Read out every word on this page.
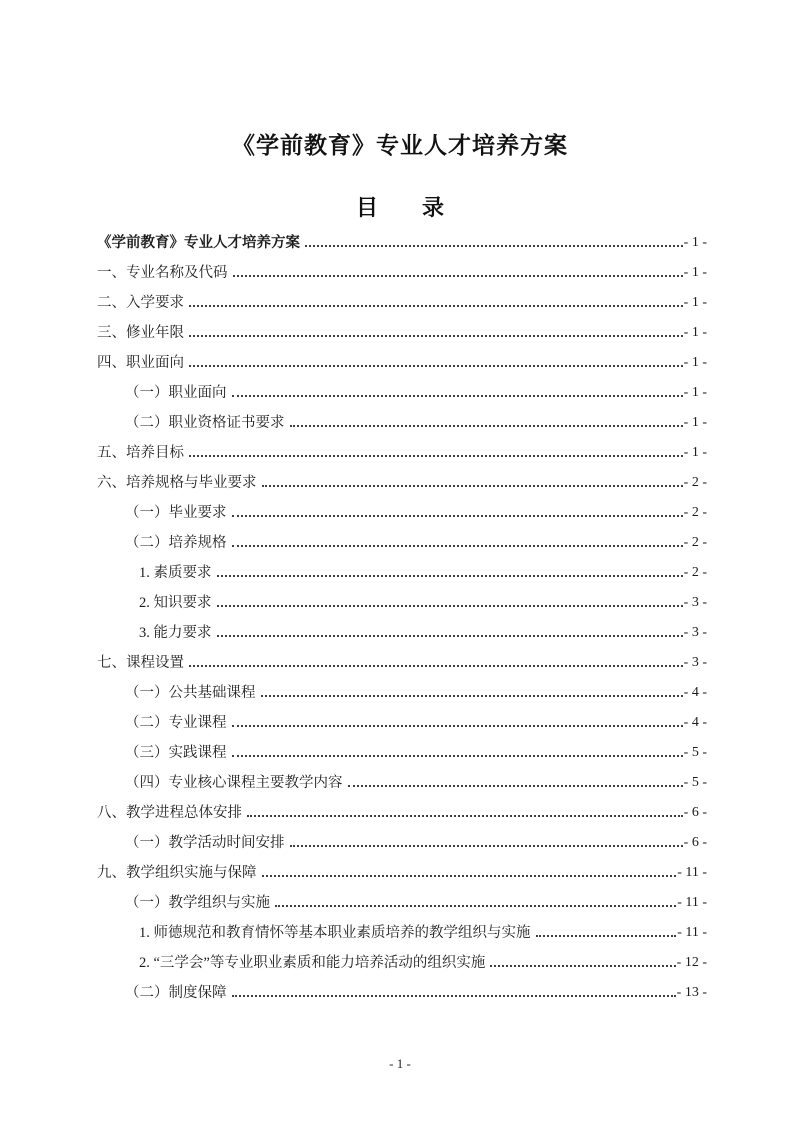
《学前教育》专业人才培养方案
目　　录
《学前教育》专业人才培养方案	- 1 -
一、专业名称及代码	- 1 -
二、入学要求	- 1 -
三、修业年限	- 1 -
四、职业面向	- 1 -
（一）职业面向	- 1 -
（二）职业资格证书要求	- 1 -
五、培养目标	- 1 -
六、培养规格与毕业要求	- 2 -
（一）毕业要求	- 2 -
（二）培养规格	- 2 -
1. 素质要求	- 2 -
2. 知识要求	- 3 -
3. 能力要求	- 3 -
七、课程设置	- 3 -
（一）公共基础课程	- 4 -
（二）专业课程	- 4 -
（三）实践课程	- 5 -
（四）专业核心课程主要教学内容	- 5 -
八、教学进程总体安排	- 6 -
（一）教学活动时间安排	- 6 -
九、教学组织实施与保障	- 11 -
（一）教学组织与实施	- 11 -
1. 师德规范和教育情怀等基本职业素质培养的教学组织与实施	- 11 -
2. “三学会”等专业职业素质和能力培养活动的组织实施	- 12 -
（二）制度保障	- 13 -
- 1 -
